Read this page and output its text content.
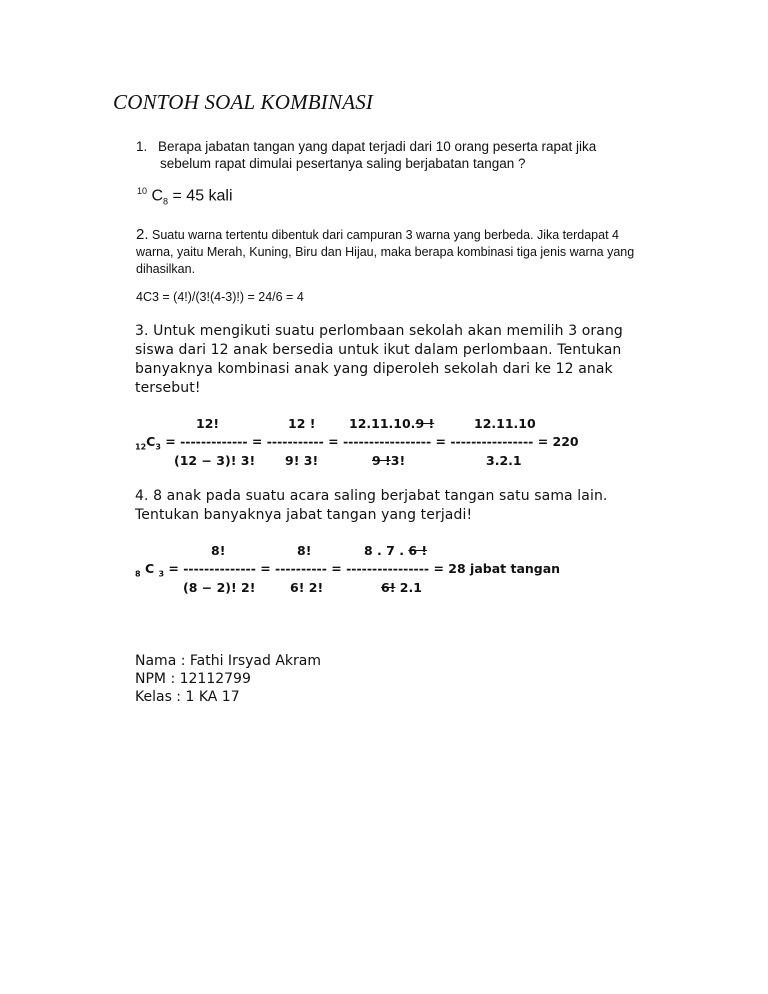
CONTOH SOAL KOMBINASI
1. Berapa jabatan tangan yang dapat terjadi dari 10 orang peserta rapat jika
sebelum rapat dimulai pesertanya saling berjabatan tangan ?
$^{10}$ $C_8 = 45$ kali
2. Suatu warna tertentu dibentuk dari campuran 3 warna yang berbeda. Jika terdapat 4 warna, yaitu Merah, Kuning, Biru dan Hijau, maka berapa kombinasi tiga jenis warna yang dihasilkan.
4C3 = (4!)/(3!(4-3)!) = 24/6 = 4
3. Untuk mengikuti suatu perlombaan sekolah akan memilih 3 orang siswa dari 12 anak bersedia untuk ikut dalam perlombaan. Tentukan banyaknya kombinasi anak yang diperoleh sekolah dari ke 12 anak tersebut!
12!	12 !	12.11.10.9 !	12.11.10
$_{12}C_3$ = ------------- = ----------- = ----------------- = ---------------- = 220
(12 − 3)! 3! 9! 3!	9 !3!	3.2.1
4. 8 anak pada suatu acara saling berjabat tangan satu sama lain. Tentukan banyaknya jabat tangan yang terjadi!
8!	8!	8 . 7 . 6 !
$_8$ C $_3$ = -------------- = ---------- = ---------------- = 28 jabat tangan
(8 − 2)! 2!	6! 2!	6! 2.1
Nama : Fathi Irsyad Akram
NPM : 12112799
Kelas : 1 KA 17
